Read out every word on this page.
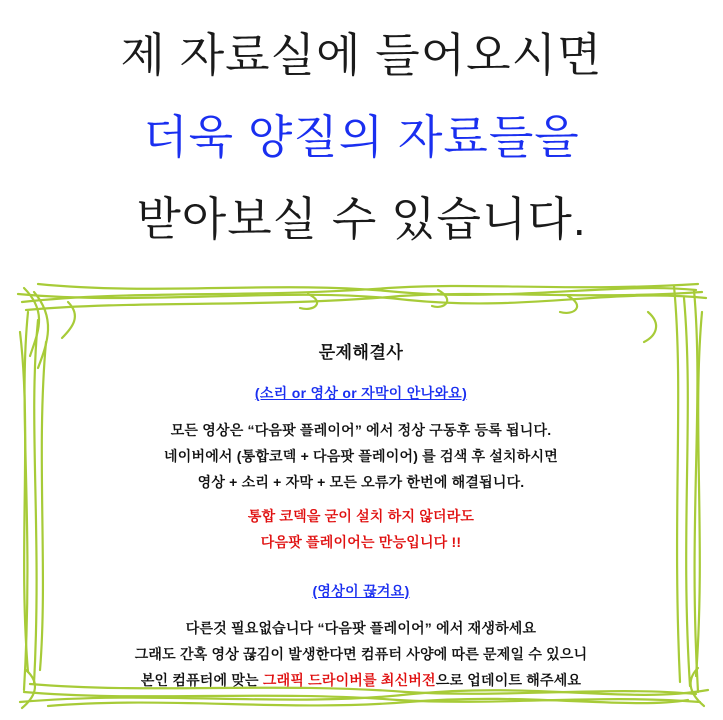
제 자료실에 들어오시면
더욱 양질의 자료들을
받아보실 수 있습니다.
문제해결사
(소리 or 영상 or 자막이 안나와요)
모든 영상은 “다음팟 플레이어” 에서 정상 구동후 등록 됩니다.
네이버에서 (통합코덱 + 다음팟 플레이어) 를 검색 후 설치하시면
영상 + 소리 + 자막 + 모든 오류가 한번에 해결됩니다.
통합 코덱을 굳이 설치 하지 않더라도
다음팟 플레이어는 만능입니다 !!
(영상이 끊겨요)
다른것 필요없습니다 “다음팟 플레이어” 에서 재생하세요
그래도 간혹 영상 끊김이 발생한다면 컴퓨터 사양에 따른 문제일 수 있으니
본인 컴퓨터에 맞는 그래픽 드라이버를 최신버전으로 업데이트 해주세요
